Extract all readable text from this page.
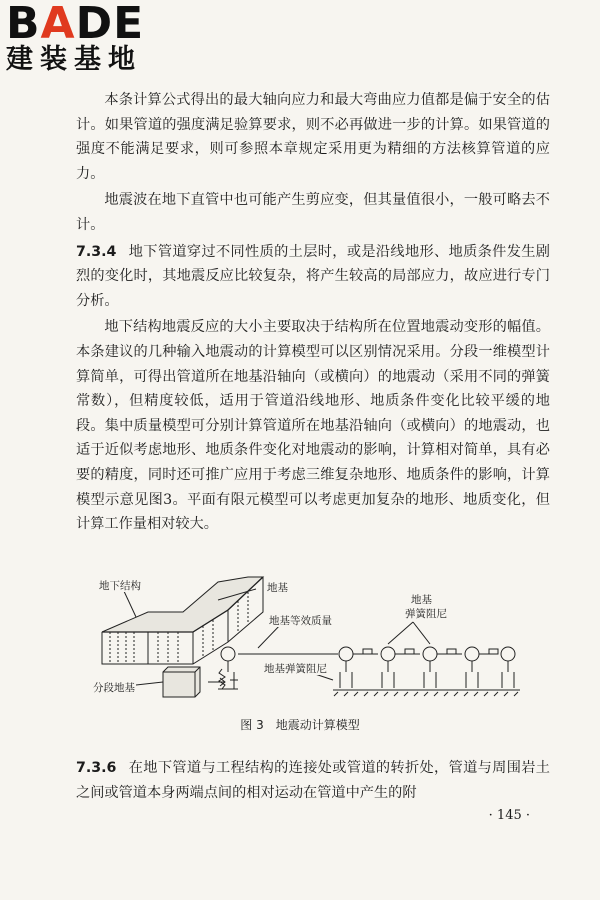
BADE
建装基地

本条计算公式得出的最大轴向应力和最大弯曲应力值都是偏于安全的估计。如果管道的强度满足验算要求，则不必再做进一步的计算。如果管道的强度不能满足要求，则可参照本章规定采用更为精细的方法核算管道的应力。

地震波在地下直管中也可能产生剪应变，但其量值很小，一般可略去不计。

7.3.4 地下管道穿过不同性质的土层时，或是沿线地形、地质条件发生剧烈的变化时，其地震反应比较复杂，将产生较高的局部应力，故应进行专门分析。

地下结构地震反应的大小主要取决于结构所在位置地震动变形的幅值。本条建议的几种输入地震动的计算模型可以区别情况采用。分段一维模型计算简单，可得出管道所在地基沿轴向（或横向）的地震动（采用不同的弹簧常数），但精度较低，适用于管道沿线地形、地质条件变化比较平缓的地段。集中质量模型可分别计算管道所在地基沿轴向（或横向）的地震动，也适于近似考虑地形、地质条件变化对地震动的影响，计算相对简单，具有必要的精度，同时还可推广应用于考虑三维复杂地形、地质条件的影响，计算模型示意见图3。平面有限元模型可以考虑更加复杂的地形、地质变化，但计算工作量相对较大。

地下结构	地基
地基等效质量
地基弹簧阻尼
地基
弹簧阻尼
分段地基
图 3　地震动计算模型

7.3.6 在地下管道与工程结构的连接处或管道的转折处，管道与周围岩土之间或管道本身两端点间的相对运动在管道中产生的附

· 145 ·
